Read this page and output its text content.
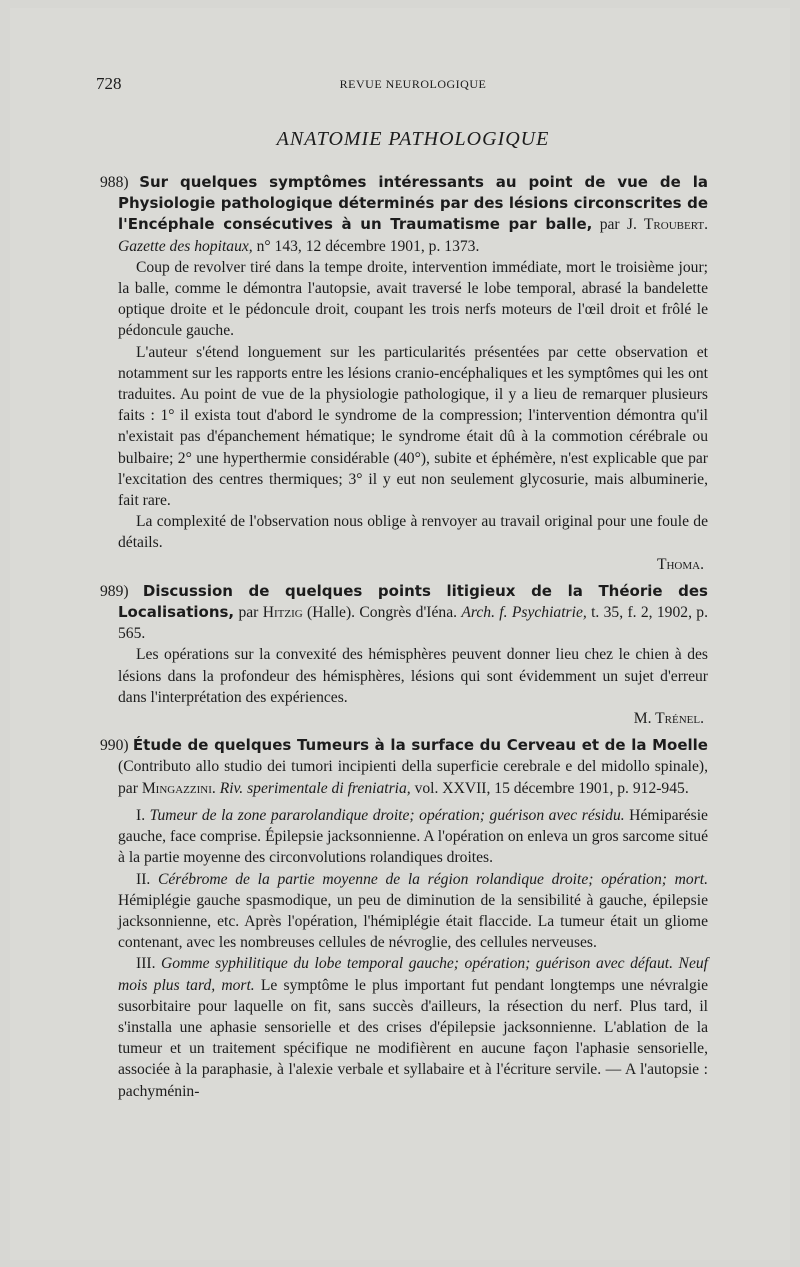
728	REVUE NEUROLOGIQUE
ANATOMIE PATHOLOGIQUE

988) Sur quelques symptômes intéressants au point de vue de la Physiologie pathologique déterminés par des lésions circonscrites de l'Encéphale consécutives à un Traumatisme par balle, par J. Troubert. Gazette des hopitaux, n° 143, 12 décembre 1901, p. 1373.

Coup de revolver tiré dans la tempe droite, intervention immédiate, mort le troisième jour; la balle, comme le démontra l'autopsie, avait traversé le lobe temporal, abrasé la bandelette optique droite et le pédoncule droit, coupant les trois nerfs moteurs de l'œil droit et frôlé le pédoncule gauche.

L'auteur s'étend longuement sur les particularités présentées par cette observation et notamment sur les rapports entre les lésions cranio-encéphaliques et les symptômes qui les ont traduites. Au point de vue de la physiologie pathologique, il y a lieu de remarquer plusieurs faits : 1° il exista tout d'abord le syndrome de la compression; l'intervention démontra qu'il n'existait pas d'épanchement hématique; le syndrome était dû à la commotion cérébrale ou bulbaire; 2° une hyperthermie considérable (40°), subite et éphémère, n'est explicable que par l'excitation des centres thermiques; 3° il y eut non seulement glycosurie, mais albuminerie, fait rare.

La complexité de l'observation nous oblige à renvoyer au travail original pour une foule de détails.

Thoma.

989) Discussion de quelques points litigieux de la Théorie des Localisations, par Hitzig (Halle). Congrès d'Iéna. Arch. f. Psychiatrie, t. 35, f. 2, 1902, p. 565.

Les opérations sur la convexité des hémisphères peuvent donner lieu chez le chien à des lésions dans la profondeur des hémisphères, lésions qui sont évidemment un sujet d'erreur dans l'interprétation des expériences.

M. Trénel.

990) Étude de quelques Tumeurs à la surface du Cerveau et de la Moelle (Contributo allo studio dei tumori incipienti della superficie cerebrale e del midollo spinale), par Mingazzini. Riv. sperimentale di freniatria, vol. XXVII, 15 décembre 1901, p. 912-945.

I. Tumeur de la zone pararolandique droite; opération; guérison avec résidu. Hémiparésie gauche, face comprise. Épilepsie jacksonnienne. A l'opération on enleva un gros sarcome situé à la partie moyenne des circonvolutions rolandiques droites.

II. Cérébrome de la partie moyenne de la région rolandique droite; opération; mort. Hémiplégie gauche spasmodique, un peu de diminution de la sensibilité à gauche, épilepsie jacksonnienne, etc. Après l'opération, l'hémiplégie était flaccide. La tumeur était un gliome contenant, avec les nombreuses cellules de névroglie, des cellules nerveuses.

III. Gomme syphilitique du lobe temporal gauche; opération; guérison avec défaut. Neuf mois plus tard, mort. Le symptôme le plus important fut pendant longtemps une névralgie susorbitaire pour laquelle on fit, sans succès d'ailleurs, la résection du nerf. Plus tard, il s'installa une aphasie sensorielle et des crises d'épilepsie jacksonnienne. L'ablation de la tumeur et un traitement spécifique ne modifièrent en aucune façon l'aphasie sensorielle, associée à la paraphasie, à l'alexie verbale et syllabaire et à l'écriture servile. — A l'autopsie : pachyménin-
